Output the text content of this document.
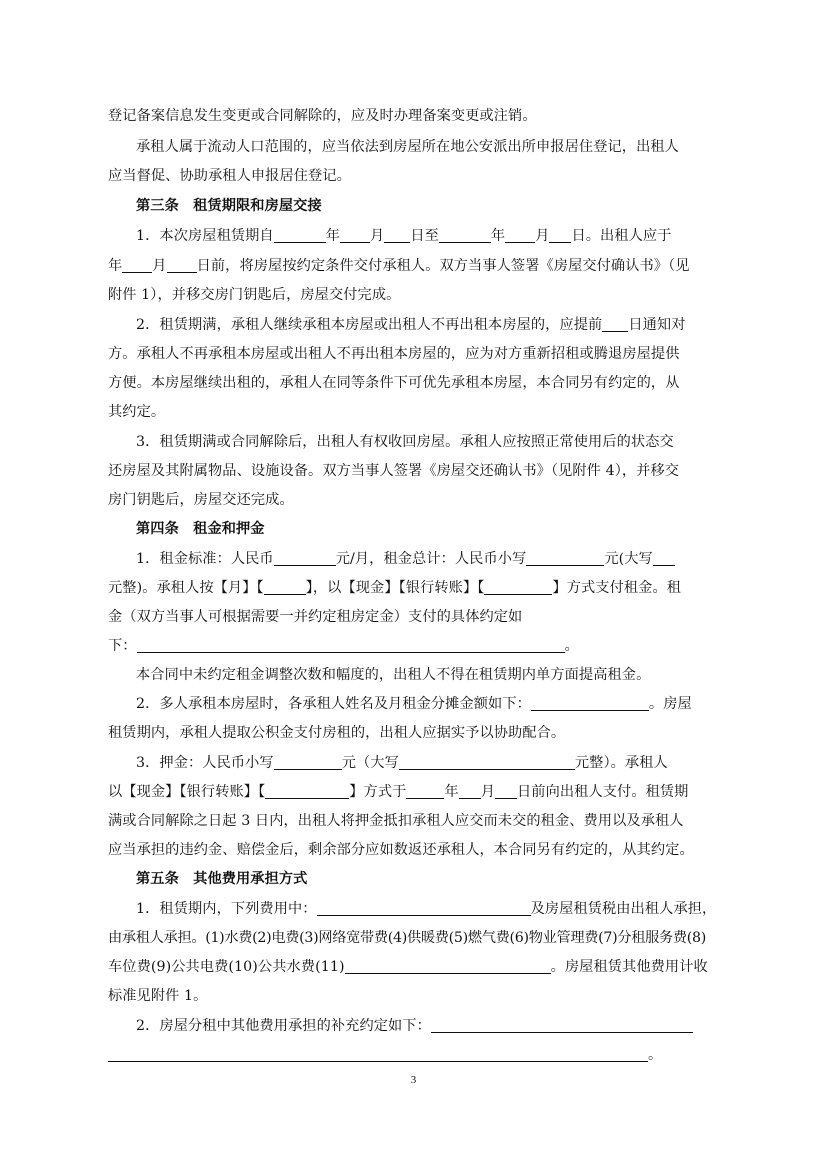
登记备案信息发生变更或合同解除的，应及时办理备案变更或注销。
承租人属于流动人口范围的，应当依法到房屋所在地公安派出所申报居住登记，出租人
应当督促、协助承租人申报居住登记。
第三条　租赁期限和房屋交接
1．本次房屋租赁期自	年 月 日至	年 月 日。出租人应于
年 月 日前，将房屋按约定条件交付承租人。双方当事人签署《房屋交付确认书》（见
附件 1），并移交房门钥匙后，房屋交付完成。
2．租赁期满，承租人继续承租本房屋或出租人不再出租本房屋的，应提前 日通知对
方。承租人不再承租本房屋或出租人不再出租本房屋的，应为对方重新招租或腾退房屋提供
方便。本房屋继续出租的，承租人在同等条件下可优先承租本房屋，本合同另有约定的，从
其约定。
3．租赁期满或合同解除后，出租人有权收回房屋。承租人应按照正常使用后的状态交
还房屋及其附属物品、设施设备。双方当事人签署《房屋交还确认书》（见附件 4），并移交
房门钥匙后，房屋交还完成。
第四条　租金和押金
1．租金标准：人民币	元/月，租金总计：人民币小写	元(大写
元整)。承租人按【月】【	】，以【现金】【银行转账】【	】方式支付租金。租
金（双方当事人可根据需要一并约定租房定金）支付的具体约定如
下：	。
本合同中未约定租金调整次数和幅度的，出租人不得在租赁期内单方面提高租金。
2．多人承租本房屋时，各承租人姓名及月租金分摊金额如下：	。房屋
租赁期内，承租人提取公积金支付房租的，出租人应据实予以协助配合。
3．押金：人民币小写	元（大写	元整）。承租人
以【现金】【银行转账】【	】方式于	年 月 日前向出租人支付。租赁期
满或合同解除之日起 3 日内，出租人将押金抵扣承租人应交而未交的租金、费用以及承租人
应当承担的违约金、赔偿金后，剩余部分应如数返还承租人，本合同另有约定的，从其约定。
第五条　其他费用承担方式
1．租赁期内，下列费用中：	及房屋租赁税由出租人承担，
由承租人承担。(1)水费(2)电费(3)网络宽带费(4)供暖费(5)燃气费(6)物业管理费(7)分租服务费(8)
车位费(9)公共电费(10)公共水费(11)	。房屋租赁其他费用计收
标准见附件 1。
2．房屋分租中其他费用承担的补充约定如下：
。
3
